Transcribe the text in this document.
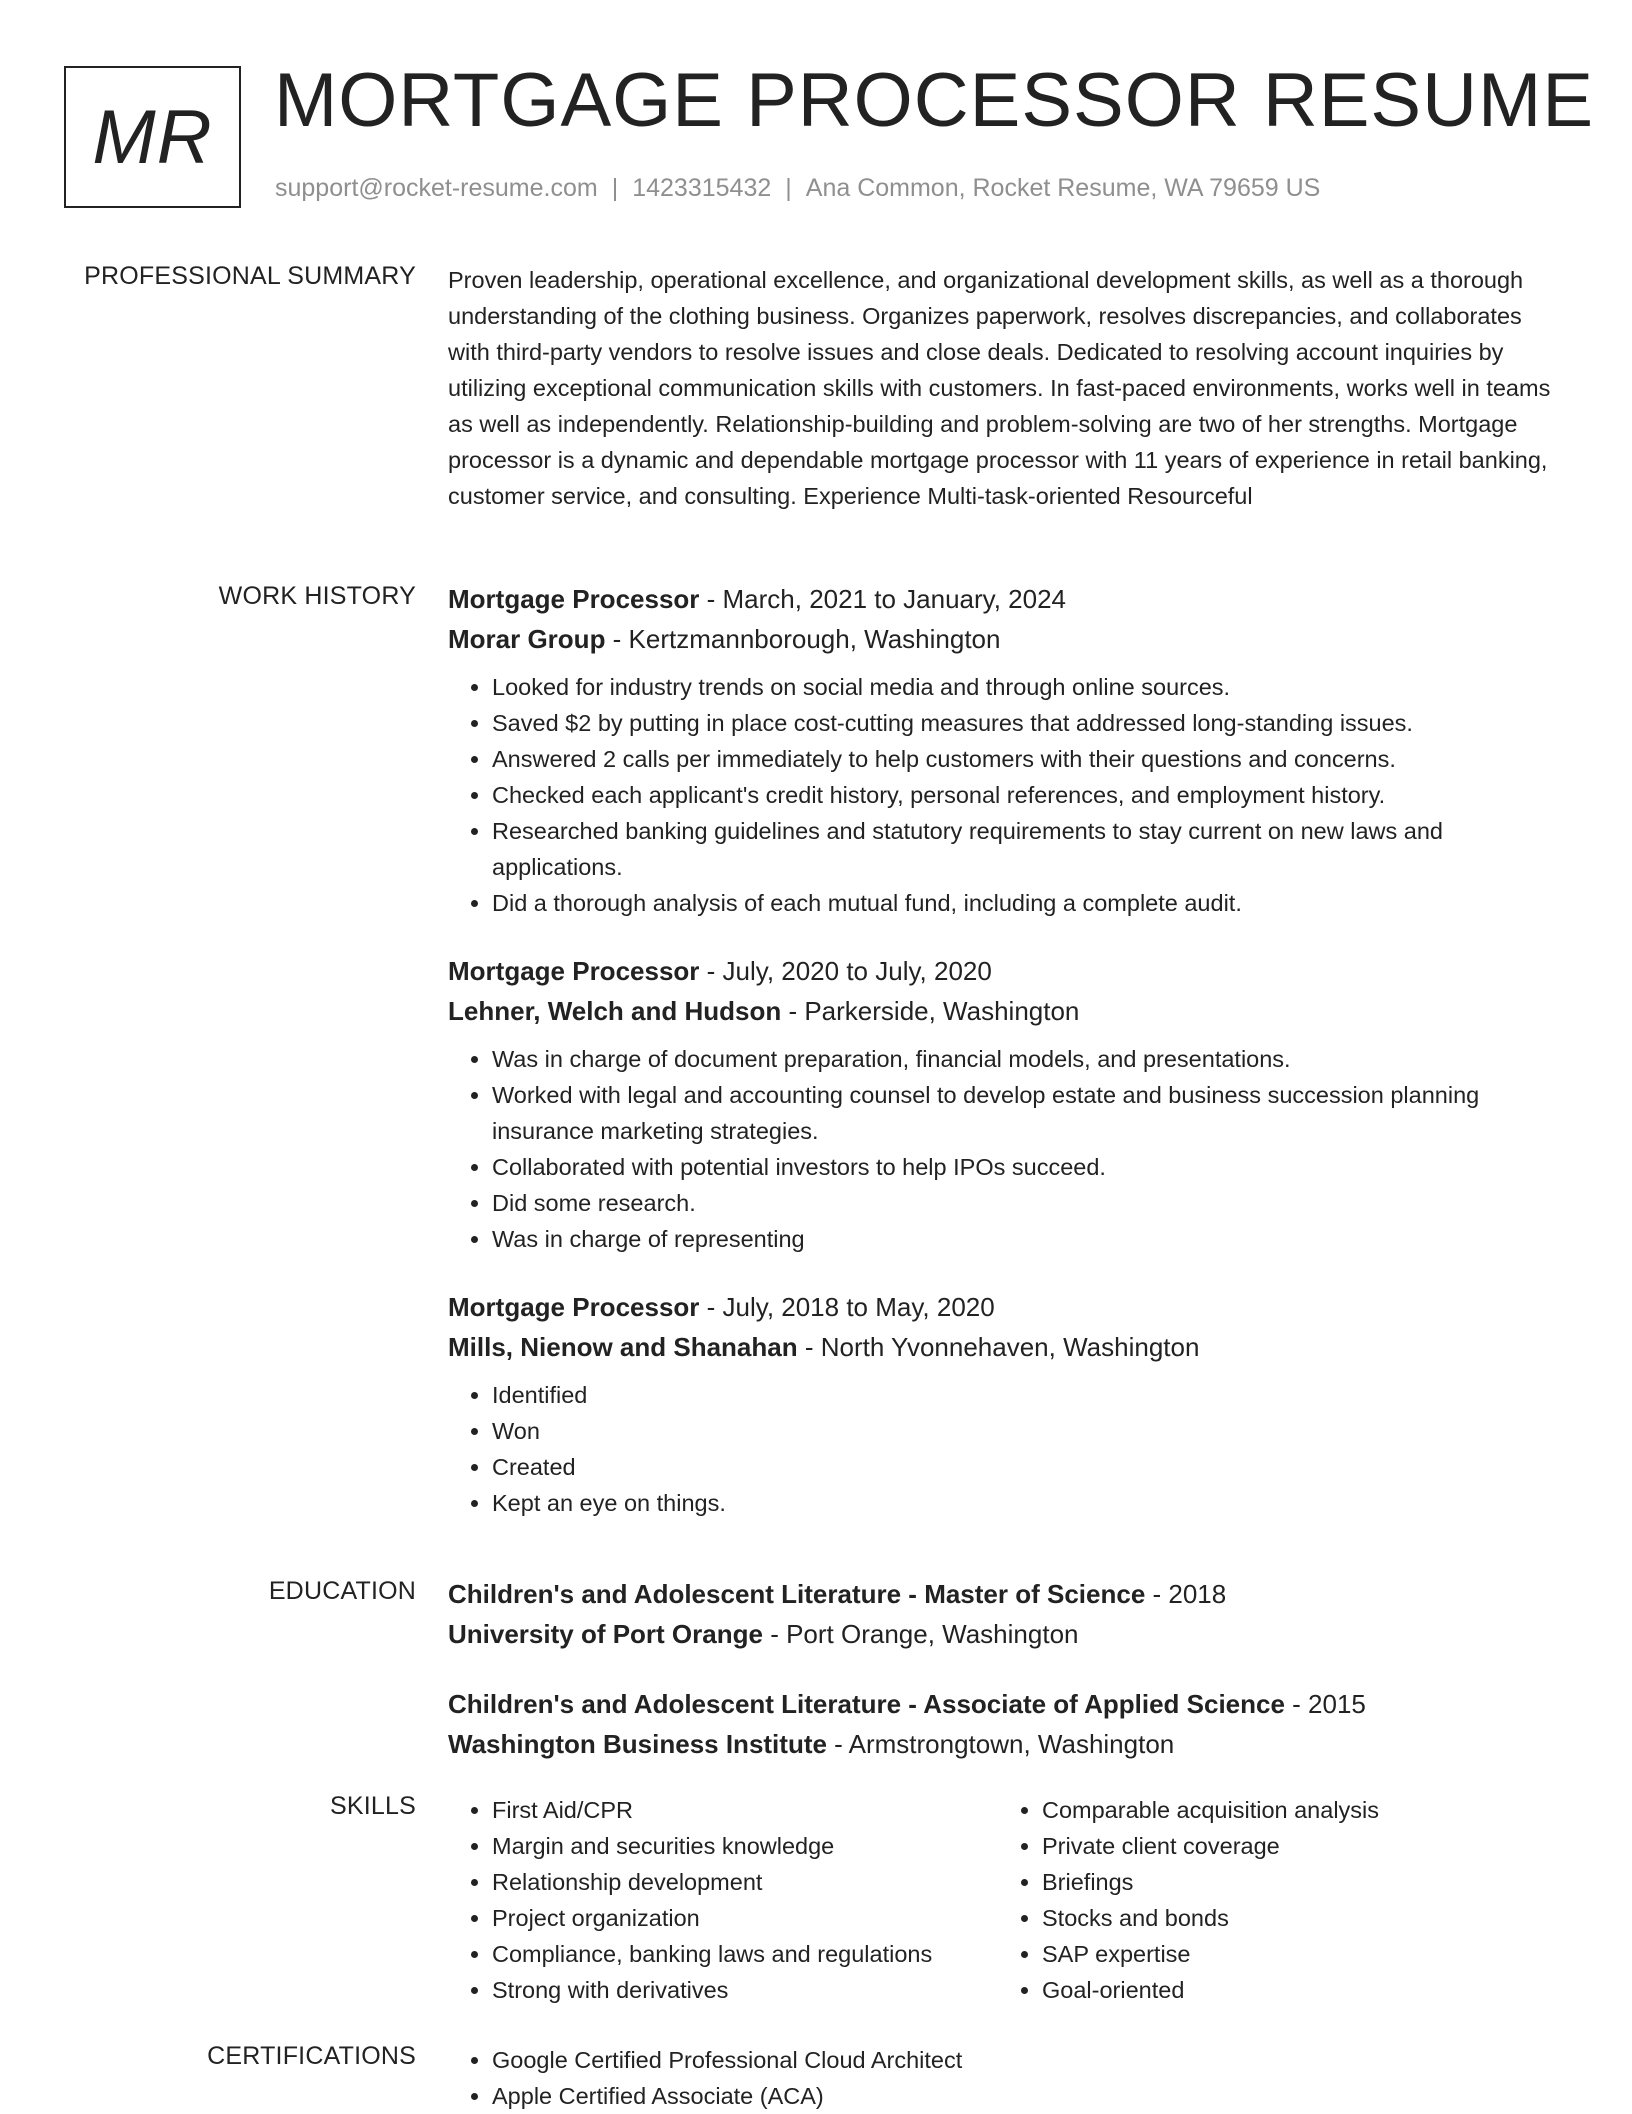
MR MORTGAGE PROCESSOR RESUME
support@rocket-resume.com | 1423315432 | Ana Common, Rocket Resume, WA 79659 US
PROFESSIONAL SUMMARY Proven leadership, operational excellence, and organizational development skills, as well as a thorough understanding of the clothing business. Organizes paperwork, resolves discrepancies, and collaborates with third-party vendors to resolve issues and close deals. Dedicated to resolving account inquiries by utilizing exceptional communication skills with customers. In fast-paced environments, works well in teams as well as independently. Relationship-building and problem-solving are two of her strengths. Mortgage processor is a dynamic and dependable mortgage processor with 11 years of experience in retail banking, customer service, and consulting. Experience Multi-task-oriented Resourceful

WORK HISTORY Mortgage Processor - March, 2021 to January, 2024
Morar Group - Kertzmannborough, Washington
• Looked for industry trends on social media and through online sources.
• Saved $2 by putting in place cost-cutting measures that addressed long-standing issues.
• Answered 2 calls per immediately to help customers with their questions and concerns.
• Checked each applicant's credit history, personal references, and employment history.
• Researched banking guidelines and statutory requirements to stay current on new laws and applications.
• Did a thorough analysis of each mutual fund, including a complete audit.
Mortgage Processor - July, 2020 to July, 2020
Lehner, Welch and Hudson - Parkerside, Washington
• Was in charge of document preparation, financial models, and presentations.
• Worked with legal and accounting counsel to develop estate and business succession planning insurance marketing strategies.
• Collaborated with potential investors to help IPOs succeed.
• Did some research.
• Was in charge of representing
Mortgage Processor - July, 2018 to May, 2020
Mills, Nienow and Shanahan - North Yvonnehaven, Washington
• Identified
• Won
• Created
• Kept an eye on things.
EDUCATION Children's and Adolescent Literature - Master of Science - 2018
University of Port Orange - Port Orange, Washington
Children's and Adolescent Literature - Associate of Applied Science - 2015
Washington Business Institute - Armstrongtown, Washington
SKILLS	• First Aid/CPR
• Margin and securities knowledge
• Relationship development
• Project organization
• Compliance, banking laws and regulations
• Strong with derivatives
• Comparable acquisition analysis
• Private client coverage
• Briefings
• Stocks and bonds
• SAP expertise
• Goal-oriented
CERTIFICATIONS	• Google Certified Professional Cloud Architect
• Apple Certified Associate (ACA)
